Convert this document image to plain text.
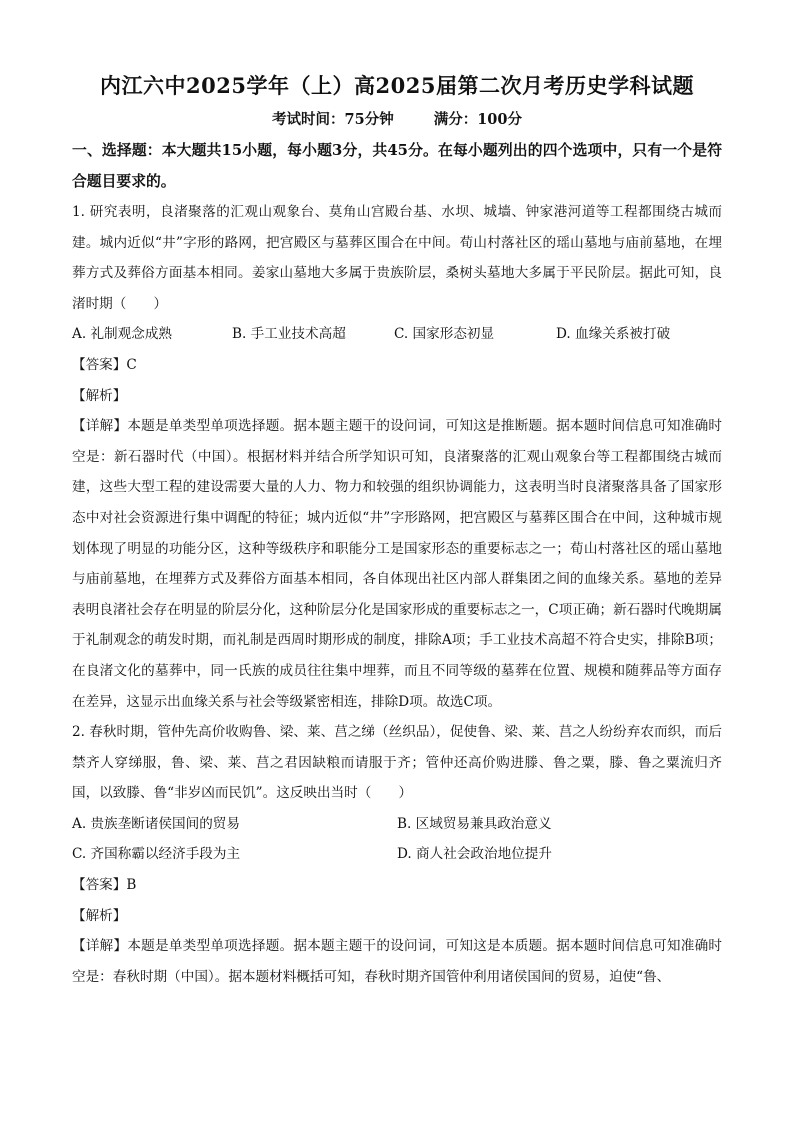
内江六中2025学年（上）高2025届第二次月考历史学科试题
考试时间：75分钟	满分：100分

一、选择题：本大题共15小题，每小题3分，共45分。在每小题列出的四个选项中，只有一个是符合题目要求的。

1. 研究表明，良渚聚落的汇观山观象台、莫角山宫殿台基、水坝、城墙、钟家港河道等工程都围绕古城而建。城内近似“井”字形的路网，把宫殿区与墓葬区围合在中间。荀山村落社区的瑶山墓地与庙前墓地，在埋葬方式及葬俗方面基本相同。姜家山墓地大多属于贵族阶层，桑树头墓地大多属于平民阶层。据此可知，良渚时期（　　）

A. 礼制观念成熟	B. 手工业技术高超	C. 国家形态初显	D. 血缘关系被打破

【答案】C

【解析】

【详解】本题是单类型单项选择题。据本题主题干的设问词，可知这是推断题。据本题时间信息可知准确时空是：新石器时代（中国）。根据材料并结合所学知识可知，良渚聚落的汇观山观象台等工程都围绕古城而建，这些大型工程的建设需要大量的人力、物力和较强的组织协调能力，这表明当时良渚聚落具备了国家形态中对社会资源进行集中调配的特征；城内近似“井”字形路网，把宫殿区与墓葬区围合在中间，这种城市规划体现了明显的功能分区，这种等级秩序和职能分工是国家形态的重要标志之一；荀山村落社区的瑶山墓地与庙前墓地，在埋葬方式及葬俗方面基本相同，各自体现出社区内部人群集团之间的血缘关系。墓地的差异表明良渚社会存在明显的阶层分化，这种阶层分化是国家形成的重要标志之一，C项正确；新石器时代晚期属于礼制观念的萌发时期，而礼制是西周时期形成的制度，排除A项；手工业技术高超不符合史实，排除B项；在良渚文化的墓葬中，同一氏族的成员往往集中埋葬，而且不同等级的墓葬在位置、规模和随葬品等方面存在差异，这显示出血缘关系与社会等级紧密相连，排除D项。故选C项。

2. 春秋时期，管仲先高价收购鲁、梁、莱、莒之绨（丝织品），促使鲁、梁、莱、莒之人纷纷弃农而织，而后禁齐人穿绨服，鲁、梁、莱、莒之君因缺粮而请服于齐；管仲还高价购进滕、鲁之粟，滕、鲁之粟流归齐国，以致滕、鲁“非岁凶而民饥”。这反映出当时（　　）

A. 贵族垄断诸侯国间的贸易	B. 区域贸易兼具政治意义
C. 齐国称霸以经济手段为主	D. 商人社会政治地位提升

【答案】B

【解析】

【详解】本题是单类型单项选择题。据本题主题干的设问词，可知这是本质题。据本题时间信息可知准确时空是：春秋时期（中国）。据本题材料概括可知，春秋时期齐国管仲利用诸侯国间的贸易，迫使“鲁、
